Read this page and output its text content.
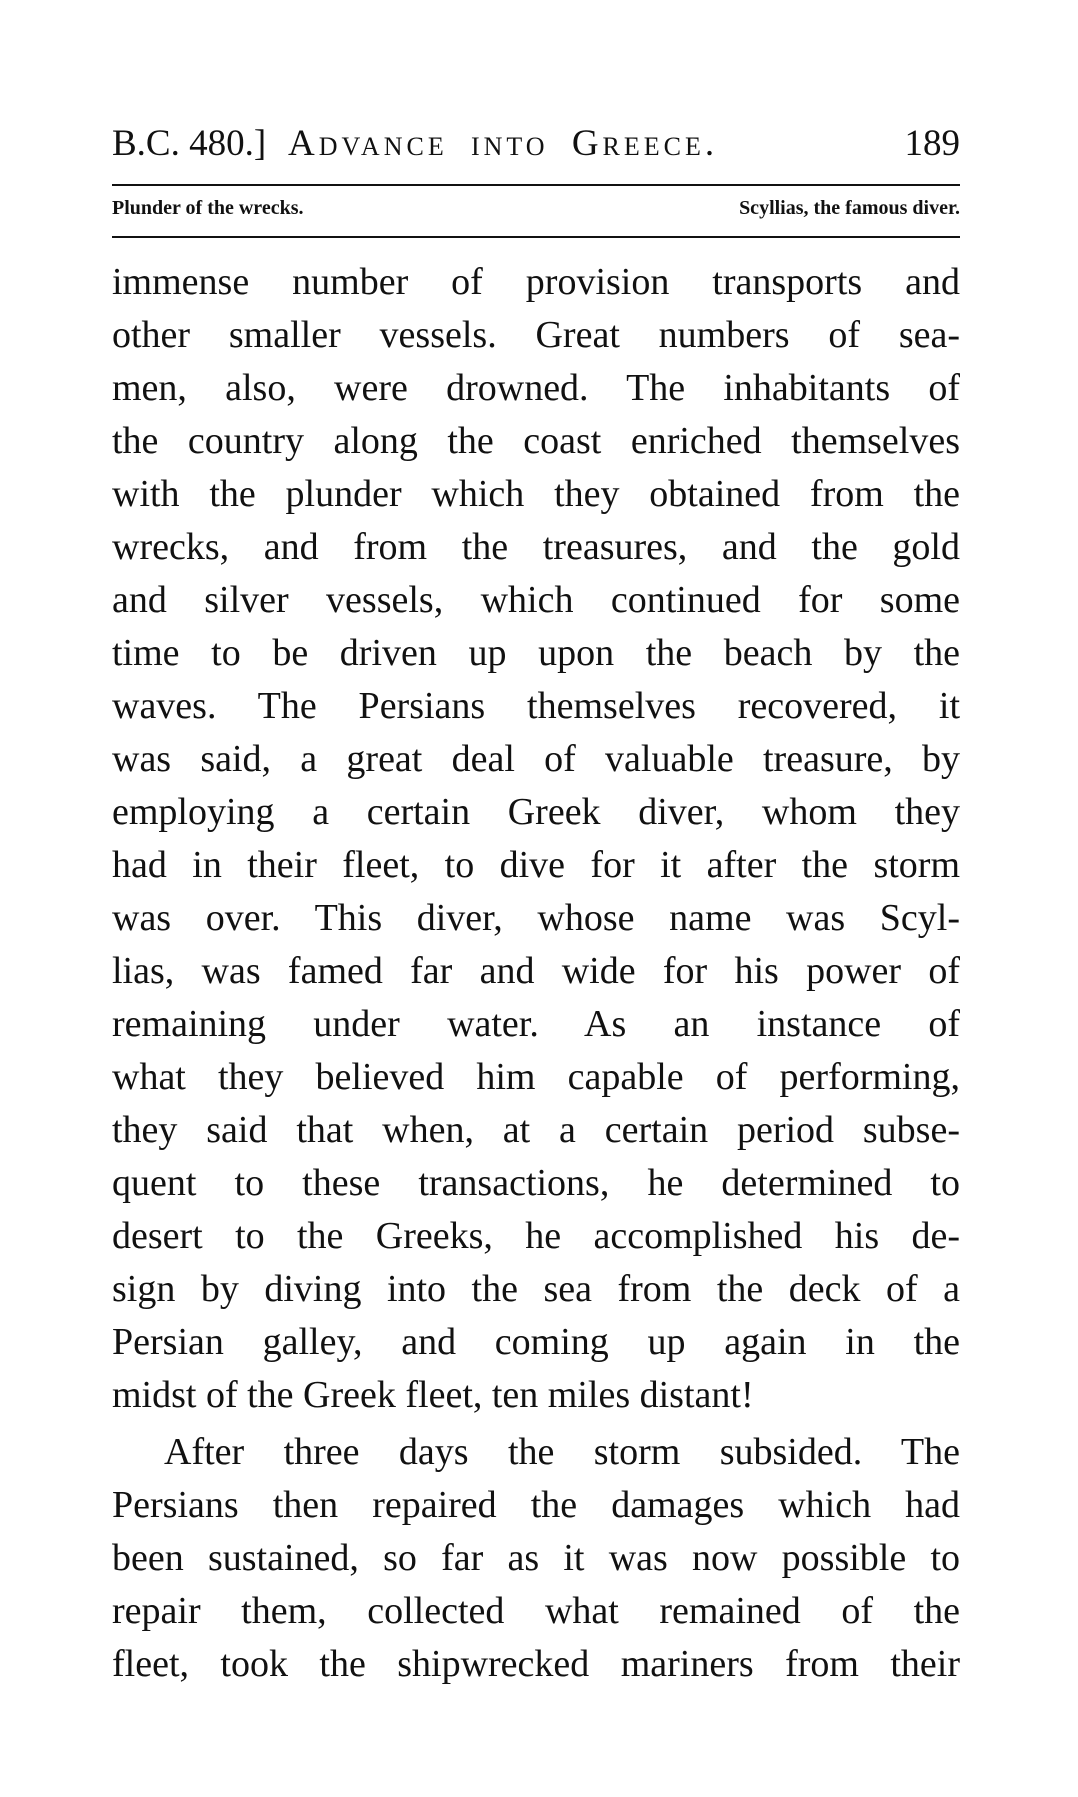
B.C. 480.] Advance into Greece.	189
Plunder of the wrecks.	Scyllias, the famous diver.
immense number of provision transports and
other smaller vessels. Great numbers of sea-
men, also, were drowned. The inhabitants of
the country along the coast enriched themselves
with the plunder which they obtained from the
wrecks, and from the treasures, and the gold
and silver vessels, which continued for some
time to be driven up upon the beach by the
waves. The Persians themselves recovered, it
was said, a great deal of valuable treasure, by
employing a certain Greek diver, whom they
had in their fleet, to dive for it after the storm
was over. This diver, whose name was Scyl-
lias, was famed far and wide for his power of
remaining under water. As an instance of
what they believed him capable of performing,
they said that when, at a certain period subse-
quent to these transactions, he determined to
desert to the Greeks, he accomplished his de-
sign by diving into the sea from the deck of a
Persian galley, and coming up again in the
midst of the Greek fleet, ten miles distant!
After three days the storm subsided. The
Persians then repaired the damages which had
been sustained, so far as it was now possible to
repair them, collected what remained of the
fleet, took the shipwrecked mariners from their
